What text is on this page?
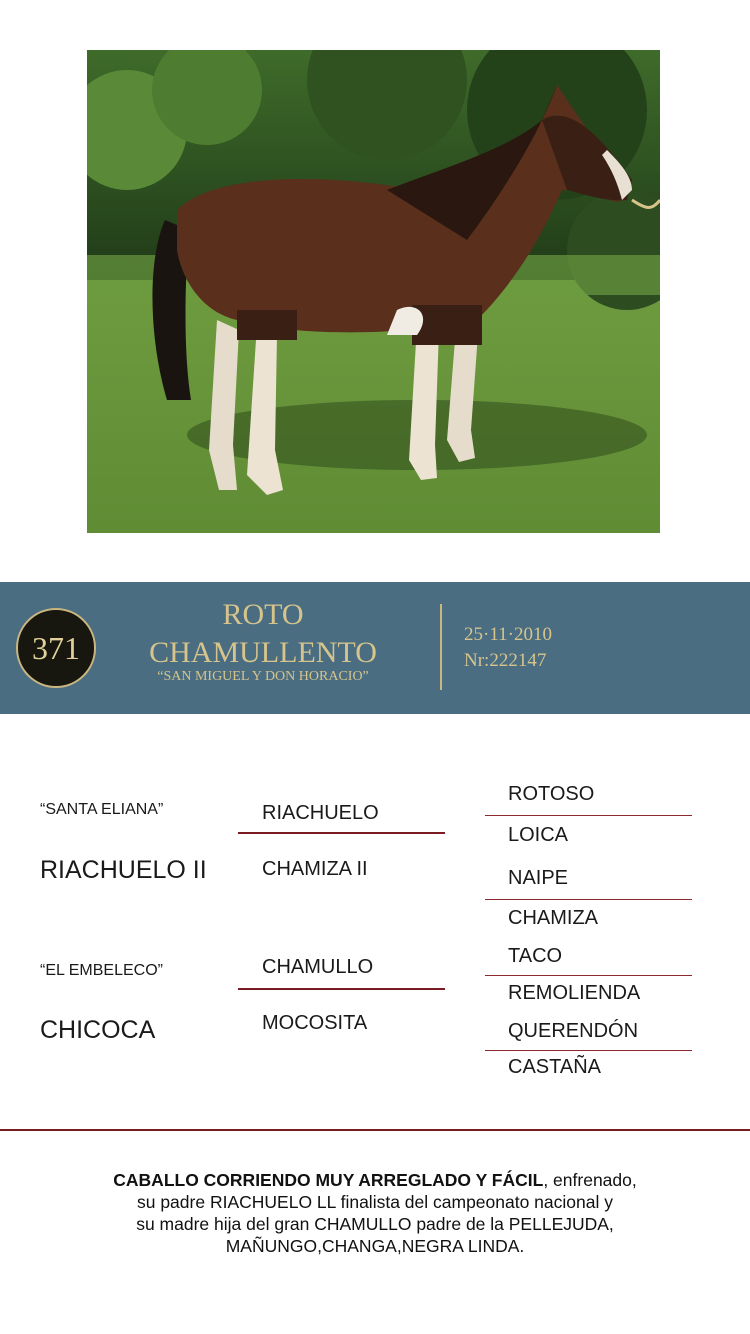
371
ROTO
CHAMULLENTO
“SAN MIGUEL Y DON HORACIO”
25·11·2010
Nr:222147
“SANTA ELIANA”
RIACHUELO II
“EL EMBELECO”
CHICOCA
RIACHUELO
CHAMIZA II
CHAMULLO
MOCOSITA
ROTOSO
LOICA
NAIPE
CHAMIZA
TACO
REMOLIENDA
QUERENDÓN
CASTAÑA
CABALLO CORRIENDO MUY ARREGLADO Y FÁCIL, enfrenado,
su padre RIACHUELO LL finalista del campeonato nacional y
su madre hija del gran CHAMULLO padre de la PELLEJUDA,
MAÑUNGO,CHANGA,NEGRA LINDA.
